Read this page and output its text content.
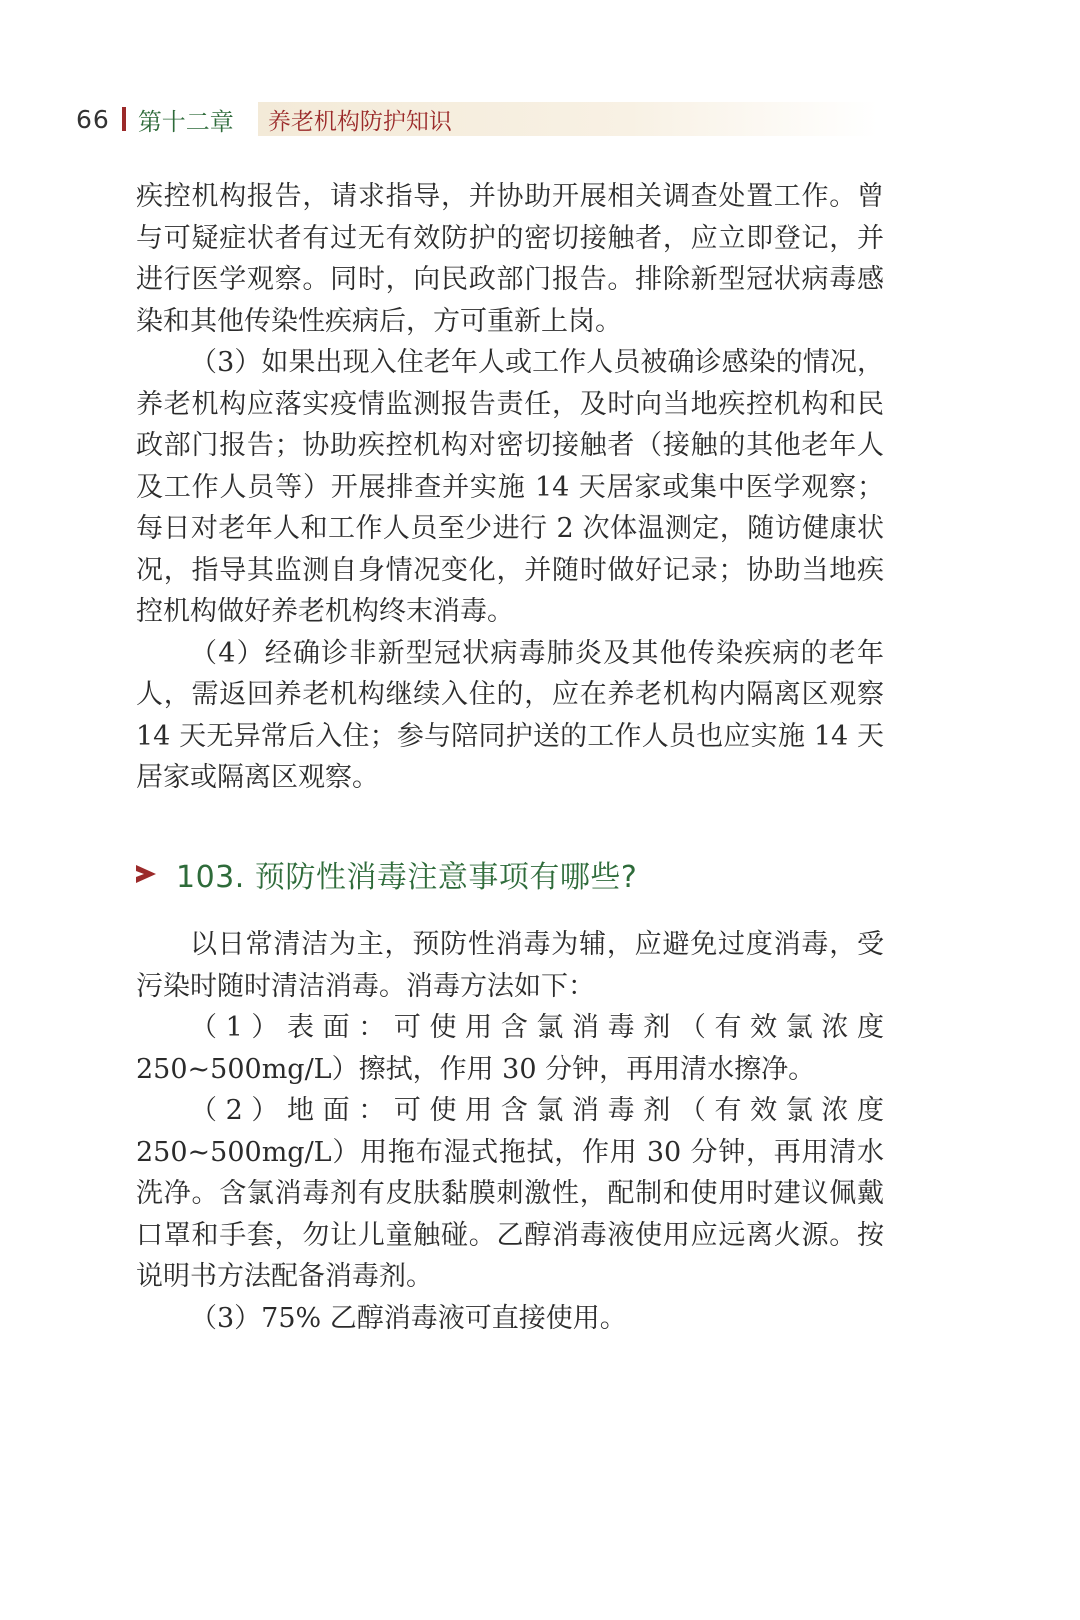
66 第十二章 养老机构防护知识

疾控机构报告，请求指导，并协助开展相关调查处置工作。曾与可疑症状者有过无有效防护的密切接触者，应立即登记，并进行医学观察。同时，向民政部门报告。排除新型冠状病毒感染和其他传染性疾病后，方可重新上岗。

（3）如果出现入住老年人或工作人员被确诊感染的情况，养老机构应落实疫情监测报告责任，及时向当地疾控机构和民政部门报告；协助疾控机构对密切接触者（接触的其他老年人及工作人员等）开展排查并实施 14 天居家或集中医学观察；每日对老年人和工作人员至少进行 2 次体温测定，随访健康状况，指导其监测自身情况变化，并随时做好记录；协助当地疾控机构做好养老机构终末消毒。

（4）经确诊非新型冠状病毒肺炎及其他传染疾病的老年人，需返回养老机构继续入住的，应在养老机构内隔离区观察 14 天无异常后入住；参与陪同护送的工作人员也应实施 14 天居家或隔离区观察。

103. 预防性消毒注意事项有哪些?

以日常清洁为主，预防性消毒为辅，应避免过度消毒，受污染时随时清洁消毒。消毒方法如下：

（1）表面：可使用含氯消毒剂（有效氯浓度 250~500mg/L）擦拭，作用 30 分钟，再用清水擦净。

（2）地面：可使用含氯消毒剂（有效氯浓度 250~500mg/L）用拖布湿式拖拭，作用 30 分钟，再用清水洗净。含氯消毒剂有皮肤黏膜刺激性，配制和使用时建议佩戴口罩和手套，勿让儿童触碰。乙醇消毒液使用应远离火源。按说明书方法配备消毒剂。

（3）75% 乙醇消毒液可直接使用。
